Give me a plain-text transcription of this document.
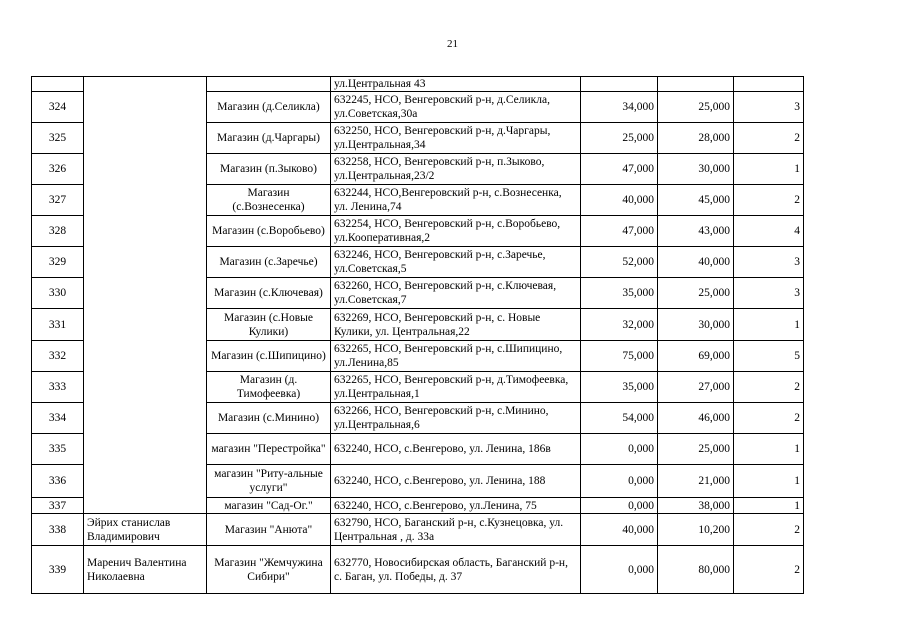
21
			ул.Центральная 43			
324		Магазин (д.Селикла)	632245, НСО, Венгеровский р-н, д.Селикла, ул.Советская,30а	34,000	25,000	3
325		Магазин (д.Чаргары)	632250, НСО, Венгеровский р-н, д.Чаргары, ул.Центральная,34	25,000	28,000	2
326		Магазин (п.Зыково)	632258, НСО, Венгеровский р-н, п.Зыково, ул.Центральная,23/2	47,000	30,000	1
327		Магазин (с.Вознесенка)	632244, НСО,Венгеровский р-н, с.Вознесенка, ул. Ленина,74	40,000	45,000	2
328		Магазин (с.Воробьево)	632254, НСО, Венгеровский р-н, с.Воробьево, ул.Кооперативная,2	47,000	43,000	4
329		Магазин (с.Заречье)	632246, НСО, Венгеровский р-н, с.Заречье, ул.Советская,5	52,000	40,000	3
330		Магазин (с.Ключевая)	632260, НСО, Венгеровский р-н, с.Ключевая, ул.Советская,7	35,000	25,000	3
331		Магазин (с.Новые Кулики)	632269, НСО, Венгеровский р-н, с. Новые Кулики, ул. Центральная,22	32,000	30,000	1
332		Магазин (с.Шипицино)	632265, НСО, Венгеровский р-н, с.Шипицино, ул.Ленина,85	75,000	69,000	5
333		Магазин (д. Тимофеевка)	632265, НСО, Венгеровский р-н, д.Тимофеевка, ул.Центральная,1	35,000	27,000	2
334		Магазин (с.Минино)	632266, НСО, Венгеровский р-н, с.Минино, ул.Центральная,6	54,000	46,000	2
335		магазин "Перестройка"	632240, НСО, с.Венгерово, ул. Ленина, 186в	0,000	25,000	1
336		магазин "Риту-альные услуги"	632240, НСО, с.Венгерово, ул. Ленина, 188	0,000	21,000	1
337		магазин "Сад-Ог."	632240, НСО, с.Венгерово, ул.Ленина, 75	0,000	38,000	1
338	Эйрих станислав Владимирович	Магазин "Анюта"	632790, НСО, Баганский р-н, с.Кузнецовка, ул. Центральная , д. 33а	40,000	10,200	2
339	Маренич Валентина Николаевна	Магазин "Жемчужина Сибири"	632770, Новосибирская область, Баганский р-н, с. Баган, ул. Победы, д. 37	0,000	80,000	2
